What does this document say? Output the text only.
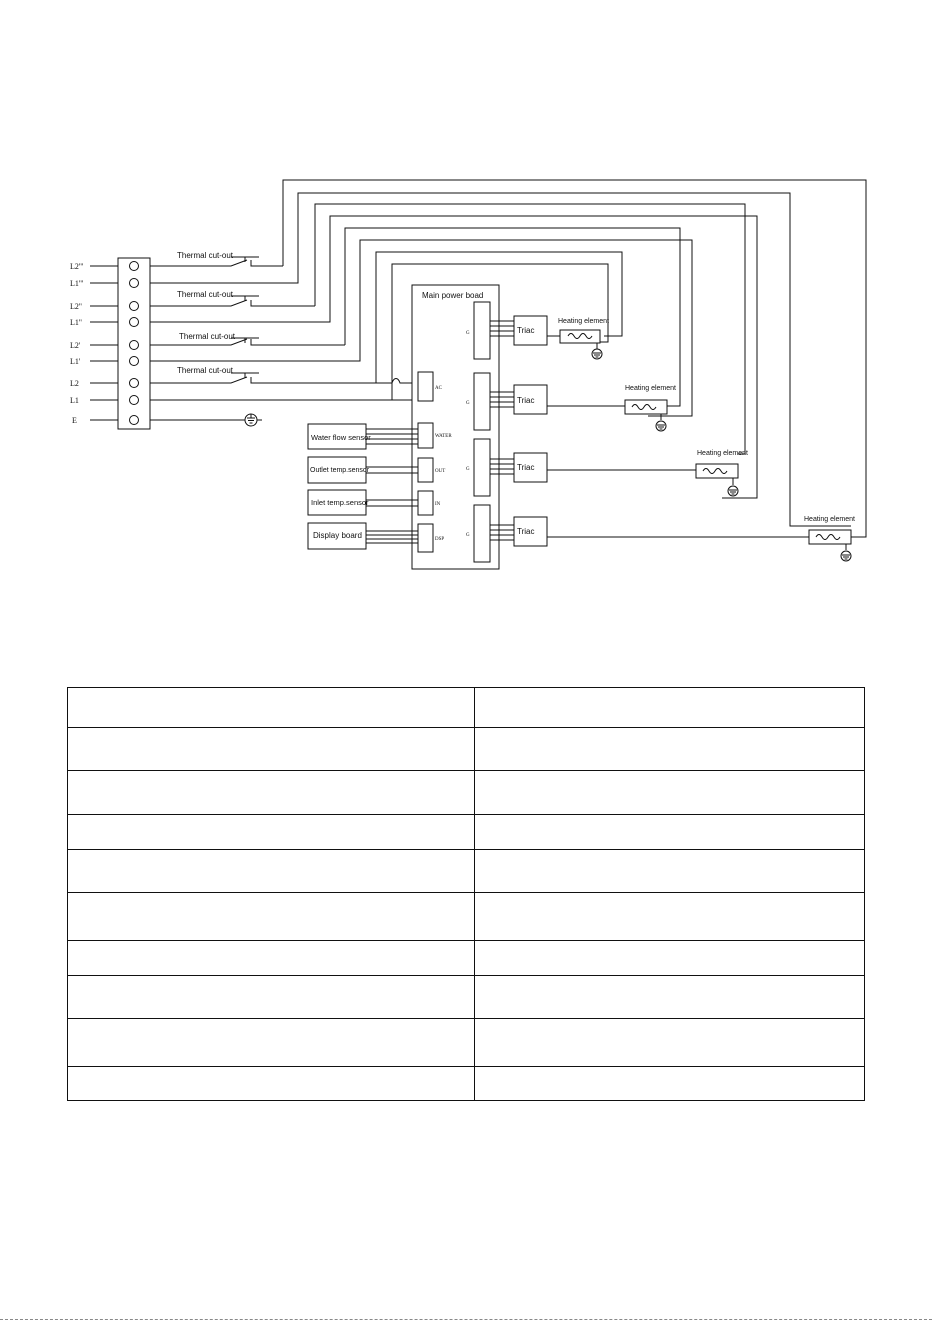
L2'''
L1'''
L2''
L1''
L2'
L1'
L2
L1
E
Thermal cut-out
Thermal cut-out
Thermal cut-out
Thermal cut-out
Main power boad
AC
WATER
OUT
IN
DSP
G
G
G
G
Water flow sensor
Outlet temp.sensor
Inlet temp.sensor
Display board
Triac
Heating element
Triac
Heating element
Triac
Heating element
Triac
Heating element
